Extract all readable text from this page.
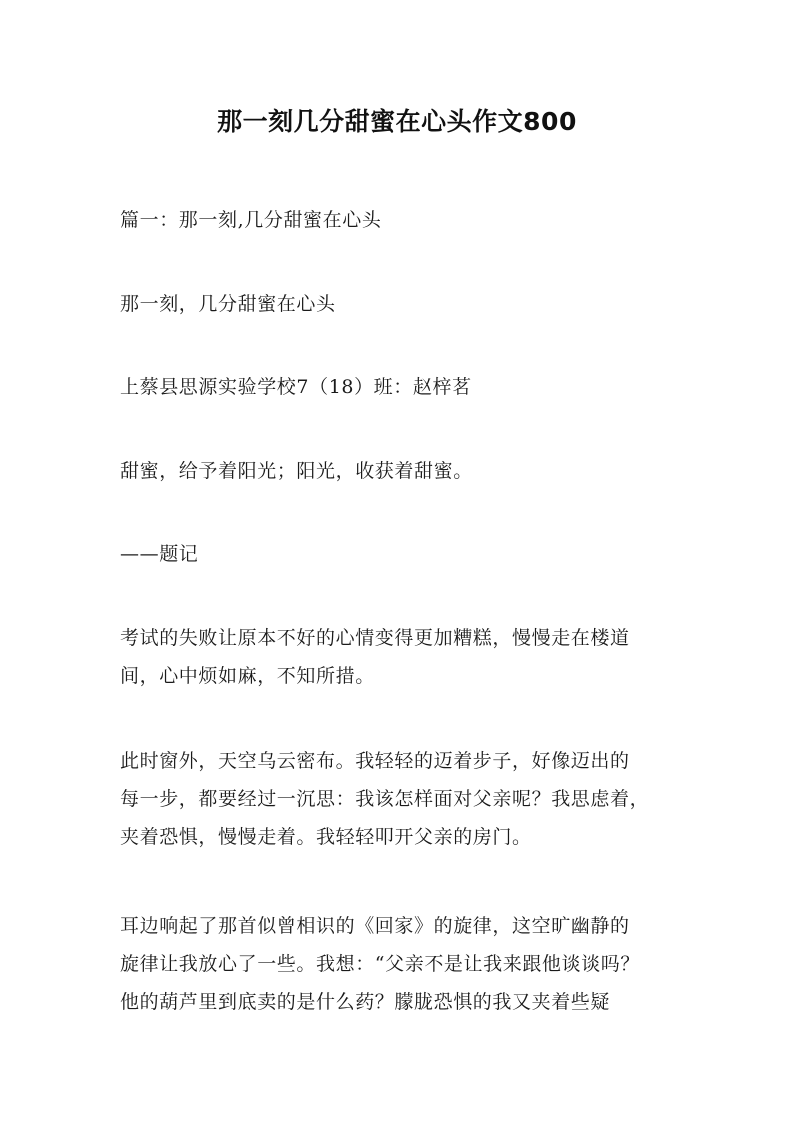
那一刻几分甜蜜在心头作文800
篇一：那一刻,几分甜蜜在心头
那一刻，几分甜蜜在心头
上蔡县思源实验学校7（18）班：赵梓茗
甜蜜，给予着阳光；阳光，收获着甜蜜。
——题记
考试的失败让原本不好的心情变得更加糟糕，慢慢走在楼道
间，心中烦如麻，不知所措。
此时窗外，天空乌云密布。我轻轻的迈着步子，好像迈出的
每一步，都要经过一沉思：我该怎样面对父亲呢？我思虑着，
夹着恐惧，慢慢走着。我轻轻叩开父亲的房门。
耳边响起了那首似曾相识的《回家》的旋律，这空旷幽静的
旋律让我放心了一些。我想：“父亲不是让我来跟他谈谈吗？
他的葫芦里到底卖的是什么药？朦胧恐惧的我又夹着些疑
